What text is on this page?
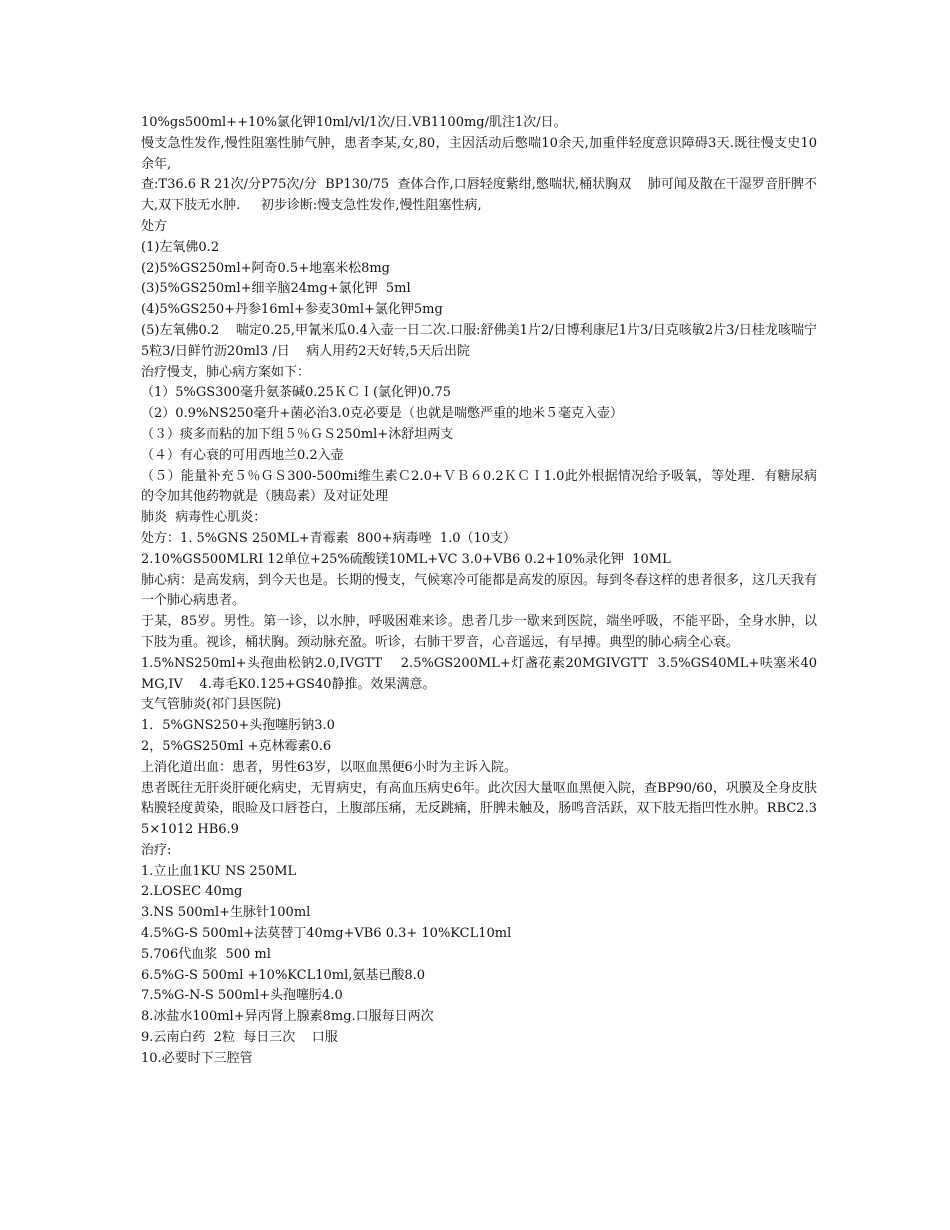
10%gs500ml++10%氯化钾10ml/vl/1次/日.VB1100mg/肌注1次/日。

慢支急性发作,慢性阻塞性肺气肿，患者李某,女,80，主因活动后憋喘10余天,加重伴轻度意识障碍3天.既往慢支史10余年,

查:T36.6 R 21次/分P75次/分  BP130/75  查体合作,口唇轻度紫绀,憋喘状,桶状胸双    肺可闻及散在干湿罗音肝脾不大,双下肢无水肿.     初步诊断:慢支急性发作,慢性阻塞性病,

处方

(1)左氧佛0.2

(2)5%GS250ml+阿奇0.5+地塞米松8mg

(3)5%GS250ml+细辛脑24mg+氯化钾  5ml

(4)5%GS250+丹参16ml+参麦30ml+氯化钾5mg

(5)左氧佛0.2    喘定0.25,甲氰米瓜0.4入壶一日二次.口服:舒佛美1片2/日博利康尼1片3/日克咳敏2片3/日桂龙咳喘宁5粒3/日鲜竹沥20ml3 /日    病人用药2天好转,5天后出院

治疗慢支，肺心病方案如下：

（1）5%GS300毫升氨茶碱0.25ＫＣＩ(氯化钾)0.75

（2）0.9%NS250毫升+菌必治3.0克必要是（也就是喘憋严重的地米５毫克入壶）

（３）痰多而粘的加下组５％ＧＳ250ml+沐舒坦两支

（４）有心衰的可用西地兰0.2入壶

（５）能量补充５％ＧＳ300-500mi维生素Ｃ2.0+ＶＢ６0.2ＫＣＩ1.0此外根据情况给予吸氧，等处理．有糖尿病的令加其他药物就是（胰岛素）及对证处理

肺炎  病毒性心肌炎：

处方：1. 5%GNS 250ML+青霉素  800+病毒唑  1.0（10支）

2.10%GS500MLRI 12单位+25%硫酸镁10ML+VC 3.0+VB6 0.2+10%录化钾  10ML

肺心病：是高发病，到今天也是。长期的慢支，气候寒冷可能都是高发的原因。每到冬春这样的患者很多，这几天我有一个肺心病患者。

于某，85岁。男性。第一诊，以水肿，呼吸困难来诊。患者几步一歇来到医院，端坐呼吸，不能平卧，全身水肿，以下肢为重。视诊，桶状胸。颈动脉充盈。听诊，右肺干罗音，心音遥远，有早搏。典型的肺心病全心衰。

1.5%NS250ml+头孢曲松钠2.0,IVGTT    2.5%GS200ML+灯盏花素20MGIVGTT  3.5%GS40ML+呋塞米40MG,IV    4.毒毛K0.125+GS40静推。效果满意。

支气管肺炎(祁门县医院)

1．5%GNS250+头孢噻肟钠3.0

2，5%GS250ml +克林霉素0.6

上消化道出血：患者，男性63岁，以呕血黑便6小时为主诉入院。

患者既往无肝炎肝硬化病史，无胃病史，有高血压病史6年。此次因大量呕血黑便入院，查BP90/60，巩膜及全身皮肤粘膜轻度黄染，眼睑及口唇苍白，上腹部压痛，无反跳痛，肝脾未触及，肠鸣音活跃，双下肢无指凹性水肿。RBC2.35×1012 HB6.9

治疗:

1.立止血1KU NS 250ML

2.LOSEC 40mg

3.NS 500ml+生脉针100ml

4.5%G-S 500ml+法莫替丁40mg+VB6 0.3+ 10%KCL10ml

5.706代血浆  500 ml

6.5%G-S 500ml +10%KCL10ml,氨基已酸8.0

7.5%G-N-S 500ml+头孢噻肟4.0

8.冰盐水100ml+异丙肾上腺素8mg.口服每日两次

9.云南白药  2粒  每日三次    口服

10.必要时下三腔管
